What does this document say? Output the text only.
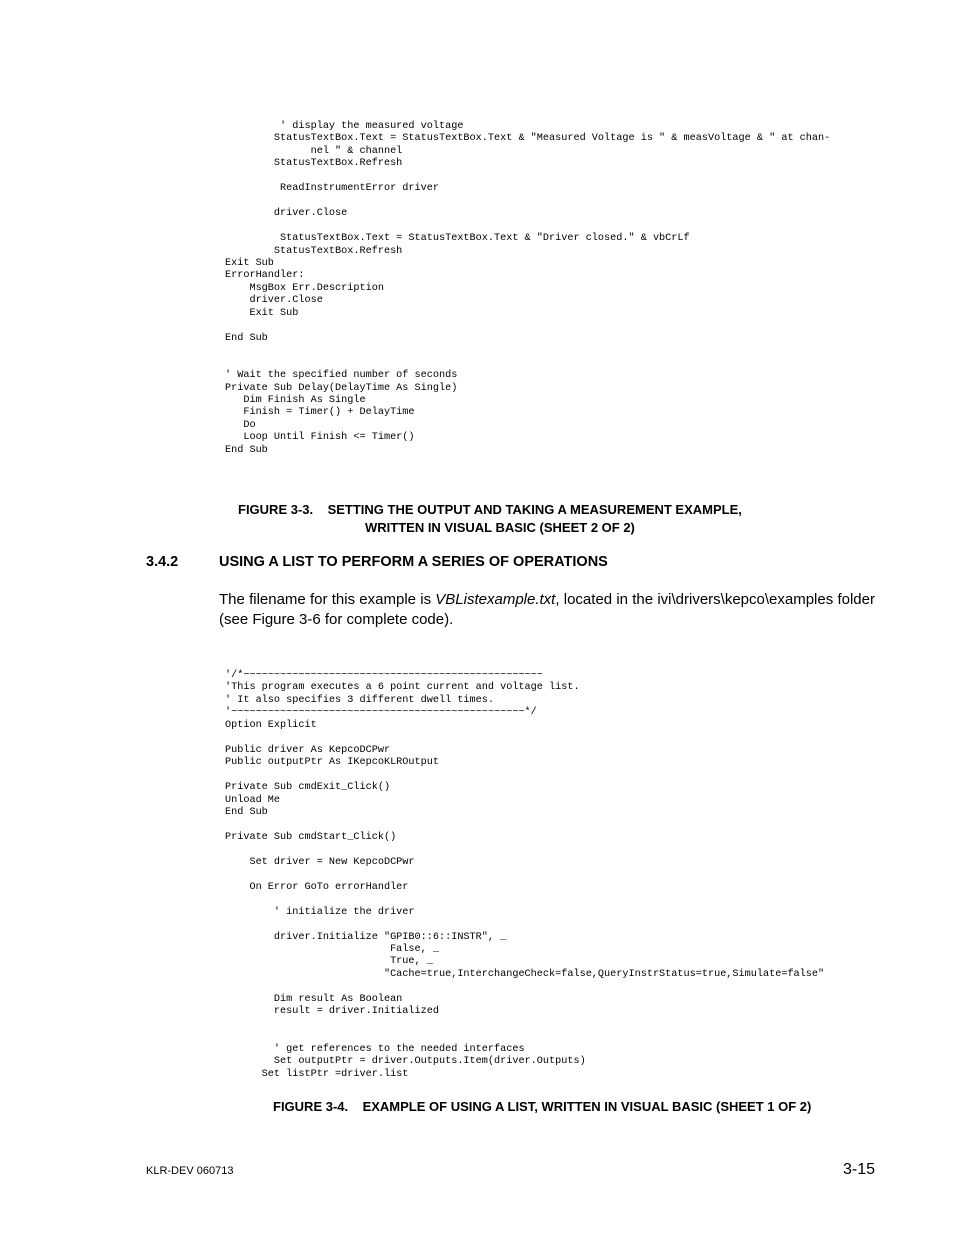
' display the measured voltage
StatusTextBox.Text = StatusTextBox.Text & "Measured Voltage is " & measVoltage & " at chan-
nel " & channel
StatusTextBox.Refresh

ReadInstrumentError driver

driver.Close

StatusTextBox.Text = StatusTextBox.Text & "Driver closed." & vbCrLf
StatusTextBox.Refresh
Exit Sub
ErrorHandler:
MsgBox Err.Description
driver.Close
Exit Sub

End Sub

' Wait the specified number of seconds
Private Sub Delay(DelayTime As Single)
Dim Finish As Single
Finish = Timer() + DelayTime
Do
Loop Until Finish <= Timer()
End Sub
FIGURE 3-3.    SETTING THE OUTPUT AND TAKING A MEASUREMENT EXAMPLE,
WRITTEN IN VISUAL BASIC (SHEET 2 OF 2)
3.4.2	USING A LIST TO PERFORM A SERIES OF OPERATIONS

The filename for this example is VBListexample.txt, located in the ivi\drivers\kepco\examples folder (see Figure 3-6 for complete code).

'/*~~~~~~~~~~~~~~~~~~~~~~~~~~~~~~~~~~~~~~~~~~~~~~~~~
'This program executes a 6 point current and voltage list.
' It also specifies 3 different dwell times.
'~~~~~~~~~~~~~~~~~~~~~~~~~~~~~~~~~~~~~~~~~~~~~~~~*/
Option Explicit

Public driver As KepcoDCPwr
Public outputPtr As IKepcoKLROutput

Private Sub cmdExit_Click()
Unload Me
End Sub

Private Sub cmdStart_Click()

Set driver = New KepcoDCPwr

On Error GoTo errorHandler

' initialize the driver

driver.Initialize "GPIB0::6::INSTR", _
False, _
True, _
"Cache=true,InterchangeCheck=false,QueryInstrStatus=true,Simulate=false"

Dim result As Boolean
result = driver.Initialized

' get references to the needed interfaces
Set outputPtr = driver.Outputs.Item(driver.Outputs)
Set listPtr =driver.list
FIGURE 3-4.    EXAMPLE OF USING A LIST, WRITTEN IN VISUAL BASIC (SHEET 1 OF 2)
KLR-DEV 060713	3-15
